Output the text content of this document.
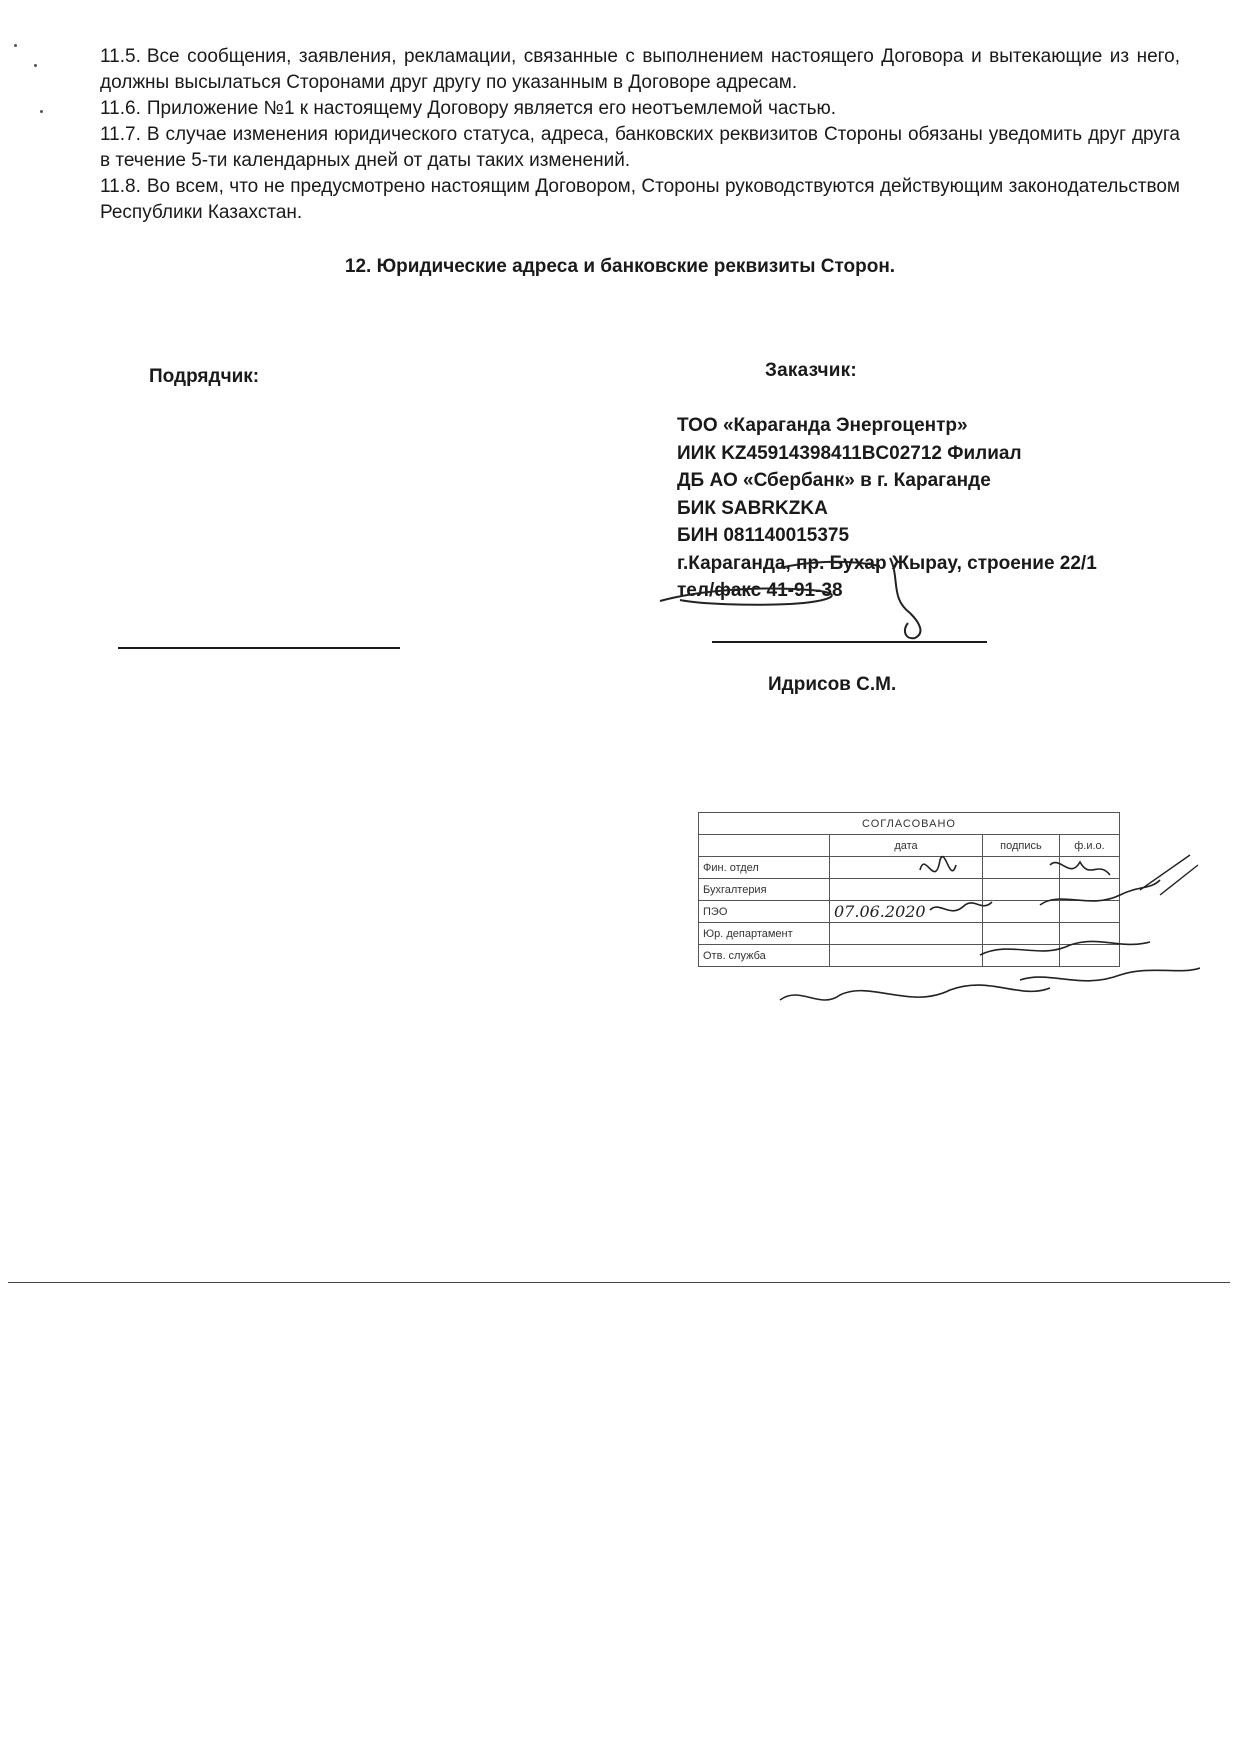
11.5. Все сообщения, заявления, рекламации, связанные с выполнением настоящего Договора и вытекающие из него, должны высылаться Сторонами друг другу по указанным в Договоре адресам.

11.6. Приложение №1 к настоящему Договору является его неотъемлемой частью.

11.7. В случае изменения юридического статуса, адреса, банковских реквизитов Стороны обязаны уведомить друг друга в течение 5-ти календарных дней от даты таких изменений.

11.8. Во всем, что не предусмотрено настоящим Договором, Стороны руководствуются действующим законодательством Республики Казахстан.

12. Юридические адреса и банковские реквизиты Сторон.
Подрядчик:	Заказчик:
ТОО «Караганда Энергоцентр»
ИИК KZ45914398411BC02712 Филиал
ДБ АО «Сбербанк» в г. Караганде
БИК SABRKZKA
БИН 081140015375
г.Караганда, пр. Бухар Жырау, строение 22/1
тел/факс 41-91-38
Идрисов С.М.
СОГЛАСОВАНО			
	дата	подпись	ф.и.о.
Фин. отдел			
Бухгалтерия			
ПЭО	07.06.2020		
Юр. департамент			
Отв. служба			
